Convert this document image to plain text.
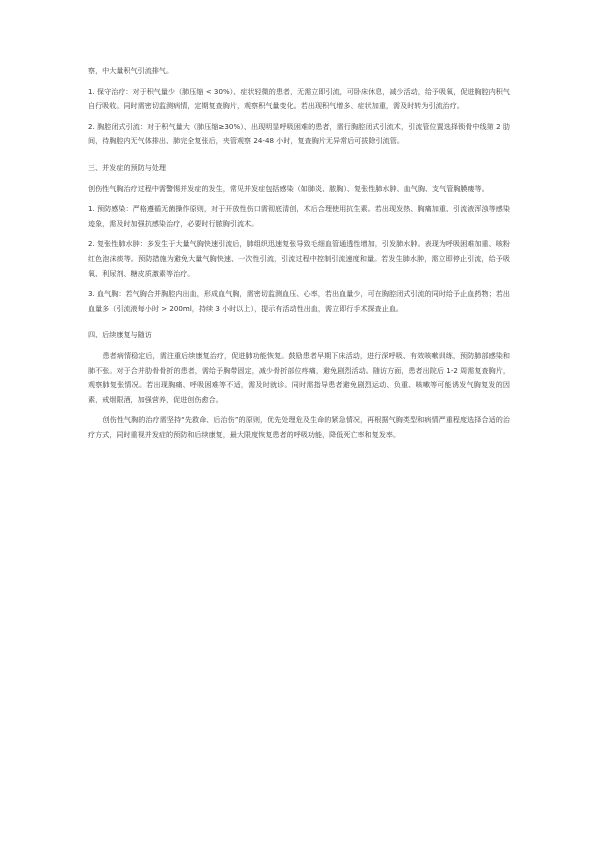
察，中大量积气引流排气。

1. 保守治疗：对于积气量少（肺压缩 < 30%）、症状轻微的患者，无需立即引流，可卧床休息，减少活动，给予吸氧，促进胸腔内积气自行吸收。同时需密切监测病情，定期复查胸片，观察积气量变化。若出现积气增多、症状加重，需及时转为引流治疗。

2. 胸腔闭式引流：对于积气量大（肺压缩≥30%）、出现明显呼吸困难的患者，需行胸腔闭式引流术，引流管位置选择锁骨中线第 2 肋间，待胸腔内无气体排出、肺完全复张后，夹管观察 24-48 小时，复查胸片无异常后可拔除引流管。

三、并发症的预防与处理

创伤性气胸治疗过程中需警惕并发症的发生，常见并发症包括感染（如肺炎、脓胸）、复张性肺水肿、血气胸、支气管胸膜瘘等。

1. 预防感染：严格遵循无菌操作原则，对于开放性伤口需彻底清创，术后合理使用抗生素。若出现发热、胸痛加重、引流液浑浊等感染迹象，需及时加强抗感染治疗，必要时行脓胸引流术。

2. 复张性肺水肿：多发生于大量气胸快速引流后，肺组织迅速复张导致毛细血管通透性增加，引发肺水肿。表现为呼吸困难加重、咳粉红色泡沫痰等。预防措施为避免大量气胸快速、一次性引流，引流过程中控制引流速度和量。若发生肺水肿，需立即停止引流，给予吸氧、利尿剂、糖皮质激素等治疗。

3. 血气胸：若气胸合并胸腔内出血，形成血气胸，需密切监测血压、心率，若出血量少，可在胸腔闭式引流的同时给予止血药物；若出血量多（引流液每小时 > 200ml，持续 3 小时以上），提示有活动性出血，需立即行手术探查止血。

四、后续康复与随访

患者病情稳定后，需注重后续康复治疗，促进肺功能恢复。鼓励患者早期下床活动，进行深呼吸、有效咳嗽训练，预防肺部感染和肺不张。对于合并肋骨骨折的患者，需给予胸带固定，减少骨折部位疼痛，避免剧烈活动。随访方面，患者出院后 1-2 周需复查胸片，观察肺复张情况。若出现胸痛、呼吸困难等不适，需及时就诊。同时需指导患者避免剧烈运动、负重、咳嗽等可能诱发气胸复发的因素，戒烟限酒，加强营养，促进创伤愈合。

创伤性气胸的治疗需坚持“先救命、后治伤”的原则，优先处理危及生命的紧急情况，再根据气胸类型和病情严重程度选择合适的治疗方式，同时重视并发症的预防和后续康复，最大限度恢复患者的呼吸功能，降低死亡率和复发率。
